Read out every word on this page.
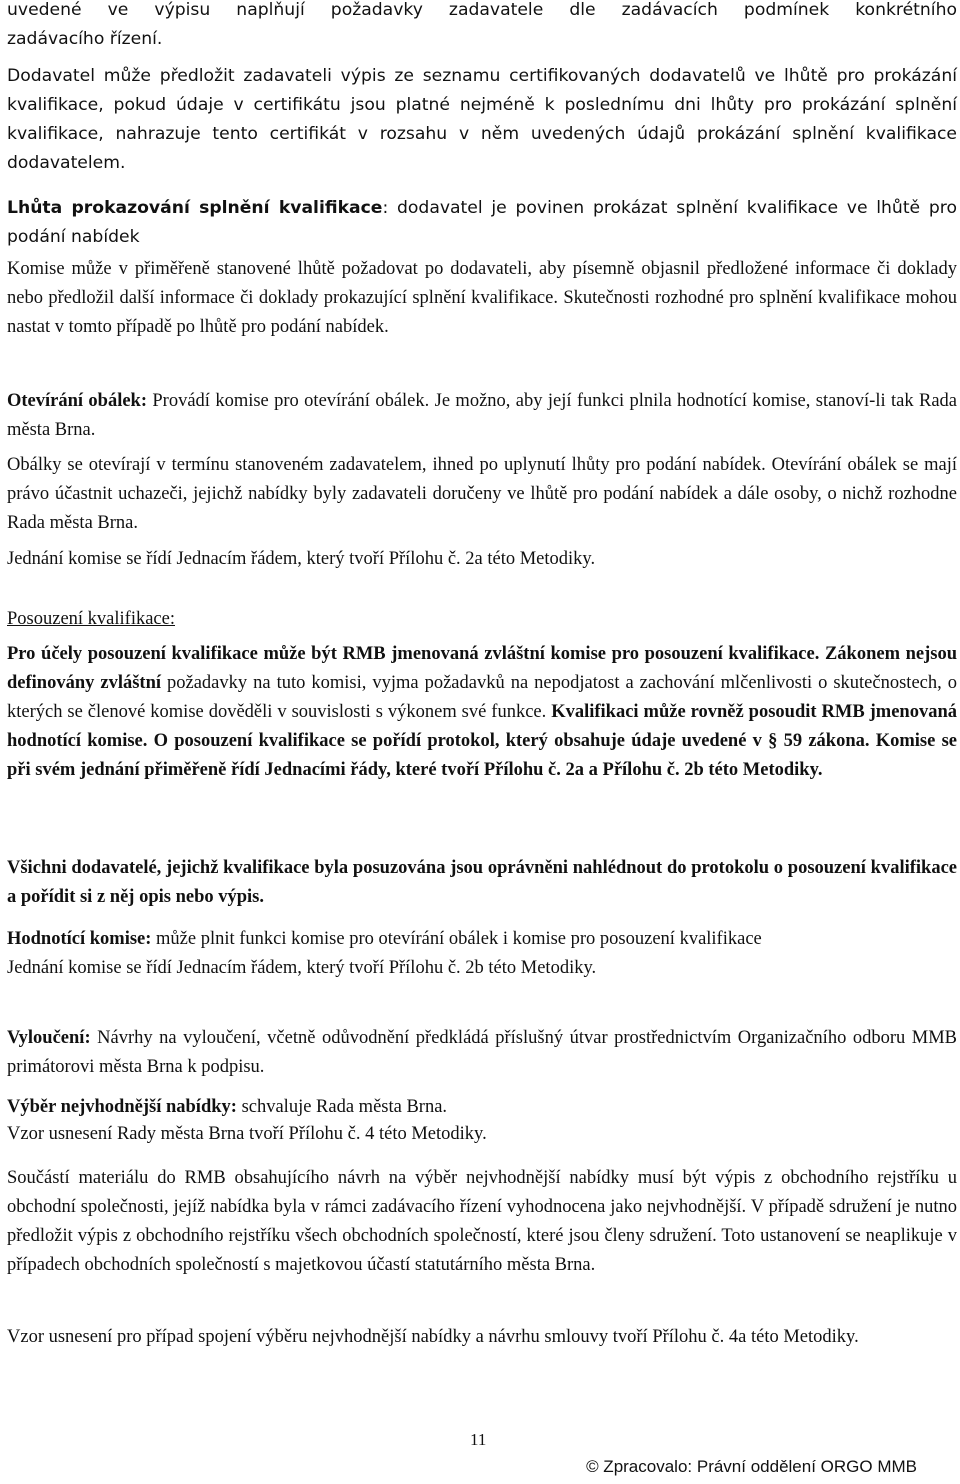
uvedené ve výpisu naplňují požadavky zadavatele dle zadávacích podmínek konkrétního
zadávacího řízení.

Dodavatel může předložit zadavateli výpis ze seznamu certifikovaných dodavatelů ve lhůtě pro prokázání kvalifikace, pokud údaje v certifikátu jsou platné nejméně k poslednímu dni lhůty pro prokázání splnění kvalifikace, nahrazuje tento certifikát v rozsahu v něm uvedených údajů prokázání splnění kvalifikace dodavatelem.

Lhůta prokazování splnění kvalifikace: dodavatel je povinen prokázat splnění kvalifikace ve lhůtě pro podání nabídek

Komise může v přiměřeně stanovené lhůtě požadovat po dodavateli, aby písemně objasnil předložené informace či doklady nebo předložil další informace či doklady prokazující splnění kvalifikace. Skutečnosti rozhodné pro splnění kvalifikace mohou nastat v tomto případě po lhůtě pro podání nabídek.

Otevírání obálek: Provádí komise pro otevírání obálek. Je možno, aby její funkci plnila hodnotící komise, stanoví-li tak Rada města Brna.

Obálky se otevírají v termínu stanoveném zadavatelem, ihned po uplynutí lhůty pro podání nabídek. Otevírání obálek se mají právo účastnit uchazeči, jejichž nabídky byly zadavateli doručeny ve lhůtě pro podání nabídek a dále osoby, o nichž rozhodne Rada města Brna.

Jednání komise se řídí Jednacím řádem, který tvoří Přílohu č. 2a této Metodiky.

Posouzení kvalifikace:

Pro účely posouzení kvalifikace může být RMB jmenovaná zvláštní komise pro posouzení kvalifikace. Zákonem nejsou definovány zvláštní požadavky na tuto komisi, vyjma požadavků na nepodjatost a zachování mlčenlivosti o skutečnostech, o kterých se členové komise dověděli v souvislosti s výkonem své funkce. Kvalifikaci může rovněž posoudit RMB jmenovaná hodnotící komise. O posouzení kvalifikace se pořídí protokol, který obsahuje údaje uvedené v § 59 zákona. Komise se při svém jednání přiměřeně řídí Jednacími řády, které tvoří Přílohu č. 2a a Přílohu č. 2b této Metodiky.

Všichni dodavatelé, jejichž kvalifikace byla posuzována jsou oprávněni nahlédnout do protokolu o posouzení kvalifikace a pořídit si z něj opis nebo výpis.

Hodnotící komise: může plnit funkci komise pro otevírání obálek i komise pro posouzení kvalifikace
Jednání komise se řídí Jednacím řádem, který tvoří Přílohu č. 2b této Metodiky.

Vyloučení: Návrhy na vyloučení, včetně odůvodnění předkládá příslušný útvar prostřednictvím Organizačního odboru MMB primátorovi města Brna k podpisu.

Výběr nejvhodnější nabídky: schvaluje Rada města Brna.
Vzor usnesení Rady města Brna tvoří Přílohu č. 4 této Metodiky.

Součástí materiálu do RMB obsahujícího návrh na výběr nejvhodnější nabídky musí být výpis z obchodního rejstříku u obchodní společnosti, jejíž nabídka byla v rámci zadávacího řízení vyhodnocena jako nejvhodnější. V případě sdružení je nutno předložit výpis z obchodního rejstříku všech obchodních společností, které jsou členy sdružení. Toto ustanovení se neaplikuje v případech obchodních společností s majetkovou účastí statutárního města Brna.

Vzor usnesení pro případ spojení výběru nejvhodnější nabídky a návrhu smlouvy tvoří Přílohu č. 4a této Metodiky.

11
© Zpracovalo: Právní oddělení ORGO MMB
